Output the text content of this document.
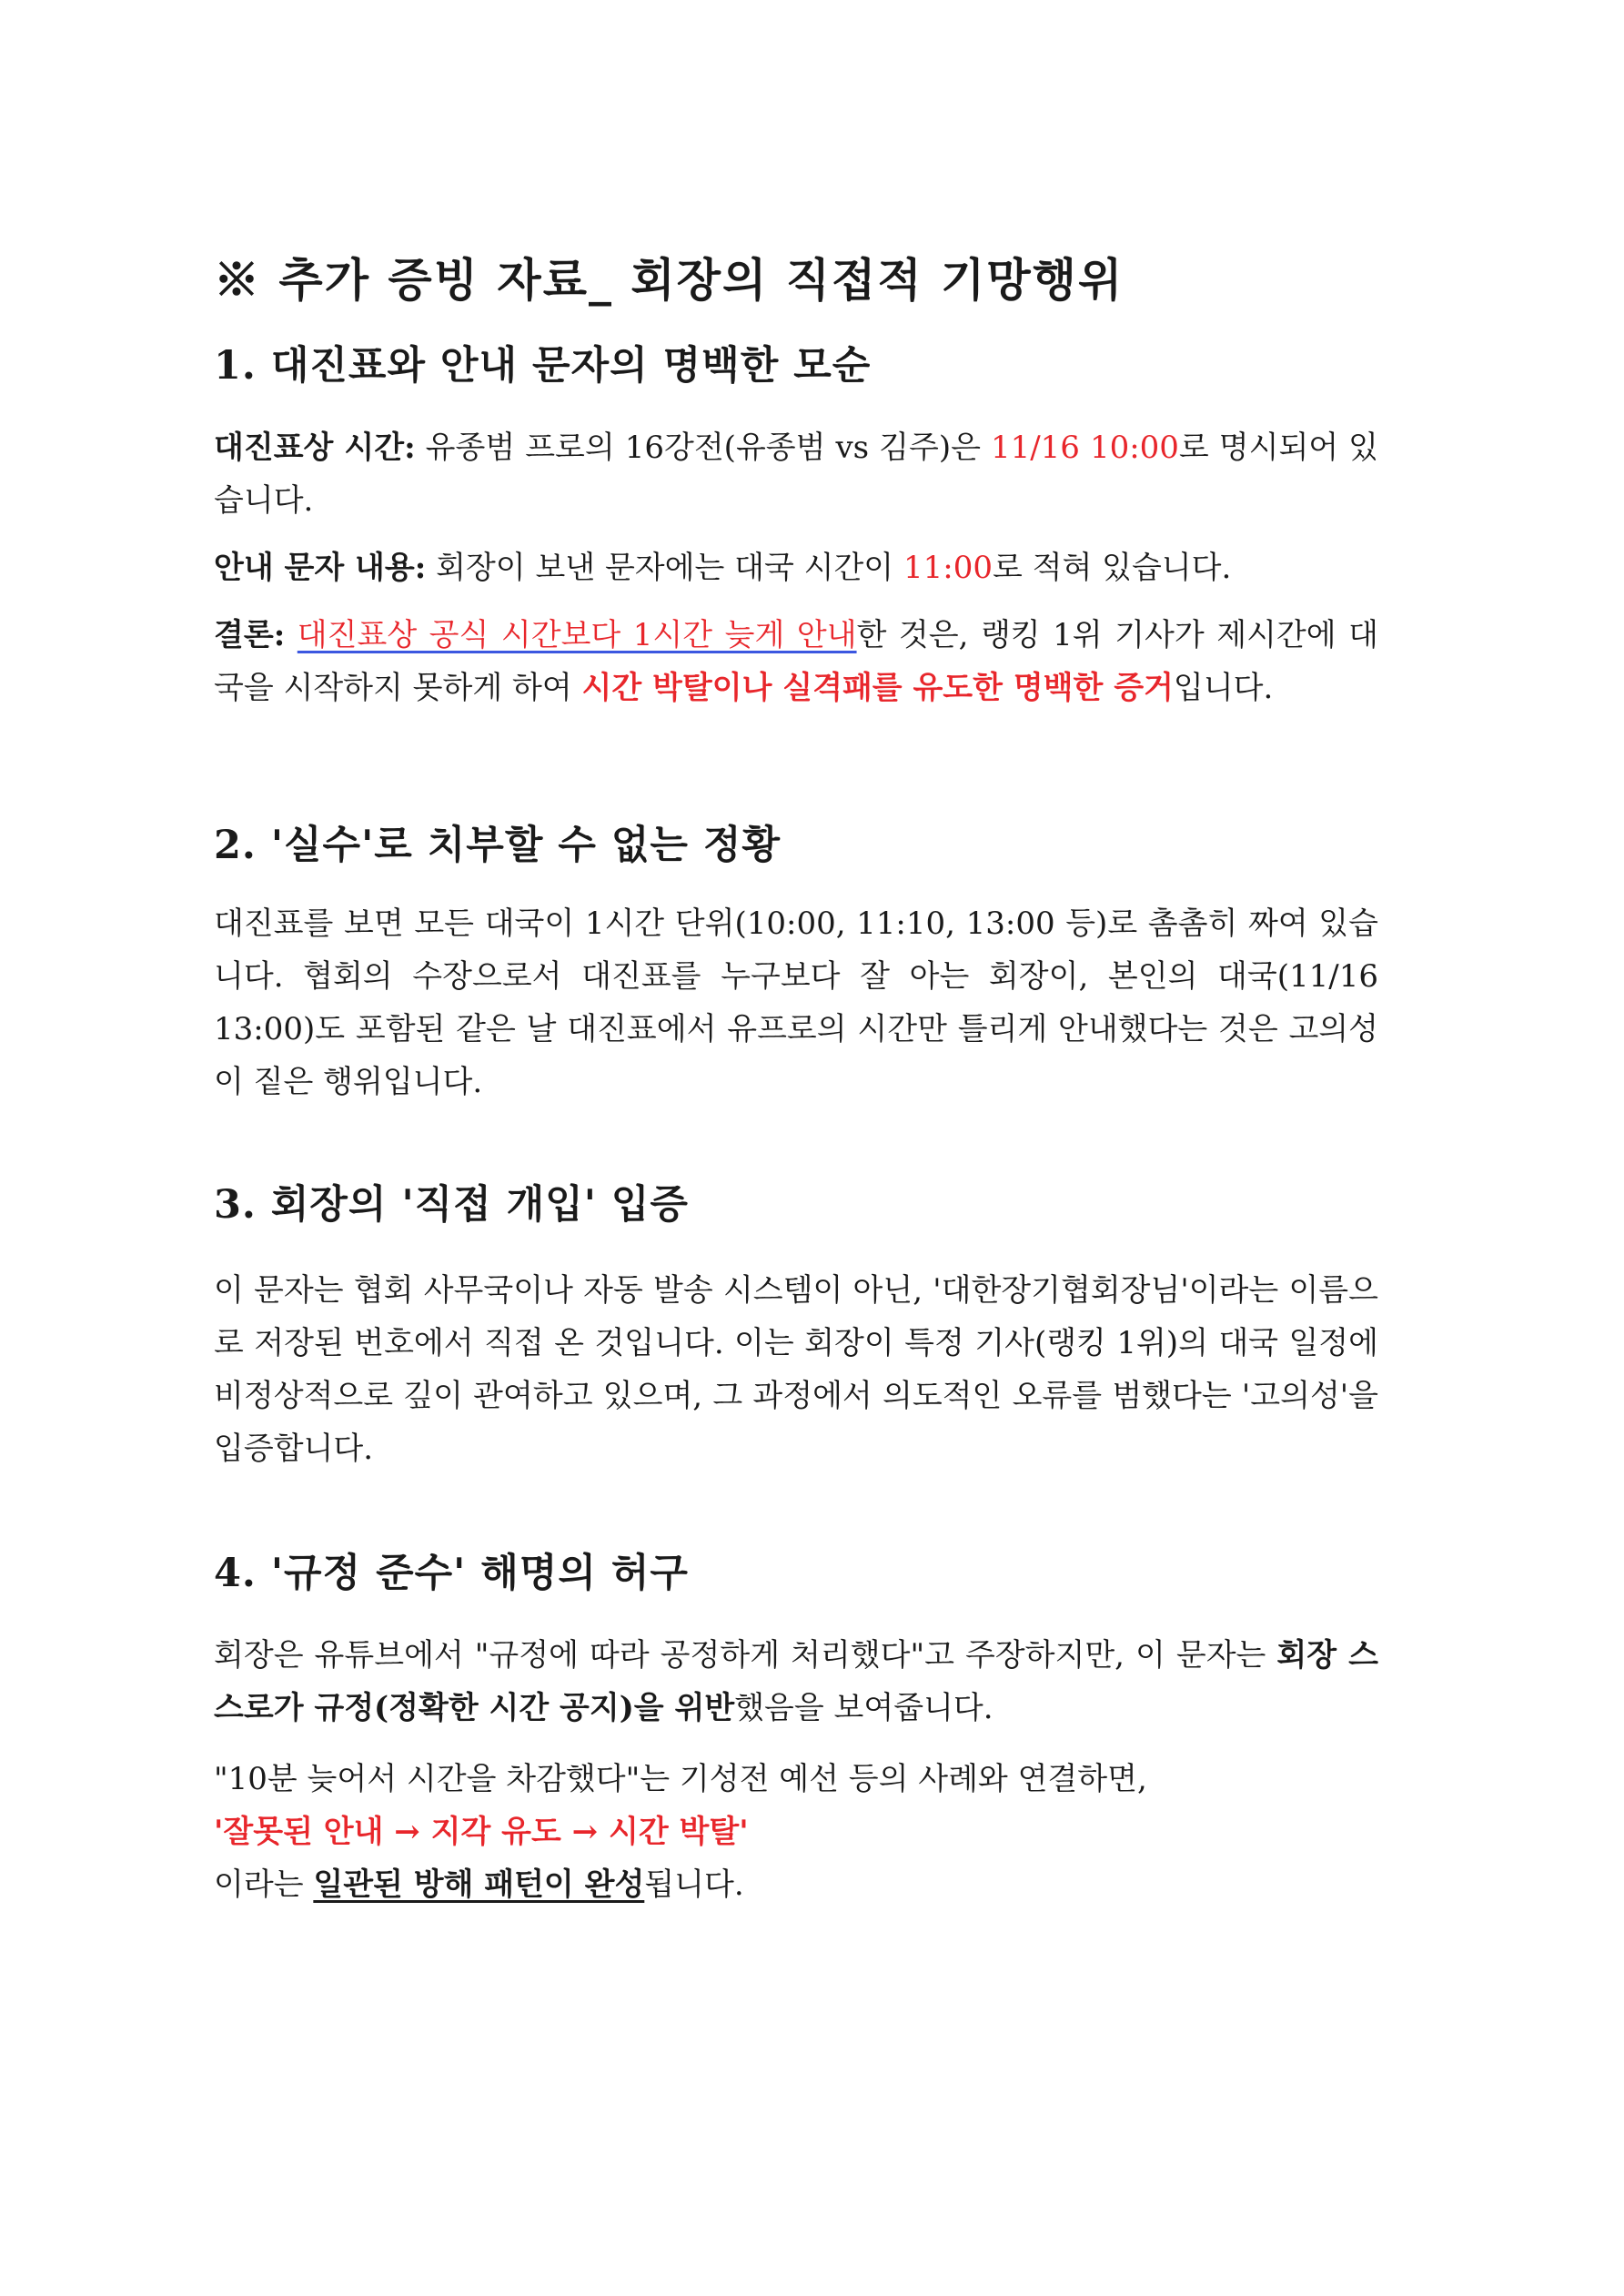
※ 추가 증빙 자료_ 회장의 직접적 기망행위
1. 대진표와 안내 문자의 명백한 모순

대진표상 시간: 유종범 프로의 16강전(유종범 vs 김주)은 11/16 10:00로 명시되어 있습니다.

안내 문자 내용: 회장이 보낸 문자에는 대국 시간이 11:00로 적혀 있습니다.

결론: 대진표상 공식 시간보다 1시간 늦게 안내한 것은, 랭킹 1위 기사가 제시간에 대국을 시작하지 못하게 하여 시간 박탈이나 실격패를 유도한 명백한 증거입니다.

2. '실수'로 치부할 수 없는 정황

대진표를 보면 모든 대국이 1시간 단위(10:00, 11:10, 13:00 등)로 촘촘히 짜여 있습니다. 협회의 수장으로서 대진표를 누구보다 잘 아는 회장이, 본인의 대국(11/16 13:00)도 포함된 같은 날 대진표에서 유프로의 시간만 틀리게 안내했다는 것은 고의성이 짙은 행위입니다.

3. 회장의 '직접 개입' 입증

이 문자는 협회 사무국이나 자동 발송 시스템이 아닌, '대한장기협회장님'이라는 이름으로 저장된 번호에서 직접 온 것입니다. 이는 회장이 특정 기사(랭킹 1위)의 대국 일정에 비정상적으로 깊이 관여하고 있으며, 그 과정에서 의도적인 오류를 범했다는 '고의성'을 입증합니다.

4. '규정 준수' 해명의 허구

회장은 유튜브에서 "규정에 따라 공정하게 처리했다"고 주장하지만, 이 문자는 회장 스스로가 규정(정확한 시간 공지)을 위반했음을 보여줍니다.

"10분 늦어서 시간을 차감했다"는 기성전 예선 등의 사례와 연결하면,

'잘못된 안내 → 지각 유도 → 시간 박탈'

이라는 일관된 방해 패턴이 완성됩니다.
